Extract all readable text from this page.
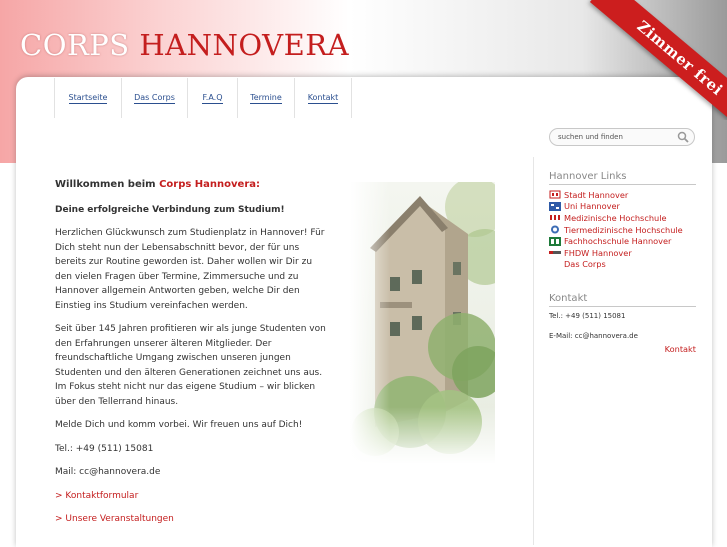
CORPS HANNOVERA	Zimmer frei
Startseite	Das Corps	F.A.Q	Termine	Kontakt
suchen und finden
Willkommen beim Corps Hannovera:

Deine erfolgreiche Verbindung zum Studium!

Herzlichen Glückwunsch zum Studienplatz in Hannover! Für Dich steht nun der Lebensabschnitt bevor, der für uns bereits zur Routine geworden ist. Daher wollen wir Dir zu den vielen Fragen über Termine, Zimmersuche und zu Hannover allgemein Antworten geben, welche Dir den Einstieg ins Studium vereinfachen werden.

Seit über 145 Jahren profitieren wir als junge Studenten von den Erfahrungen unserer älteren Mitglieder. Der freundschaftliche Umgang zwischen unseren jungen Studenten und den älteren Generationen zeichnet uns aus. Im Fokus steht nicht nur das eigene Studium – wir blicken über den Tellerrand hinaus.

Melde Dich und komm vorbei. Wir freuen uns auf Dich!

Tel.: +49 (511) 15081

Mail: cc@hannovera.de

> Kontaktformular

> Unsere Veranstaltungen

Hannover Links
Stadt Hannover
Uni Hannover
Medizinische Hochschule
Tiermedizinische Hochschule
Fachhochschule Hannover
FHDW Hannover
Das Corps
Kontakt
Tel.: +49 (511) 15081
E-Mail: cc@hannovera.de
Kontakt
